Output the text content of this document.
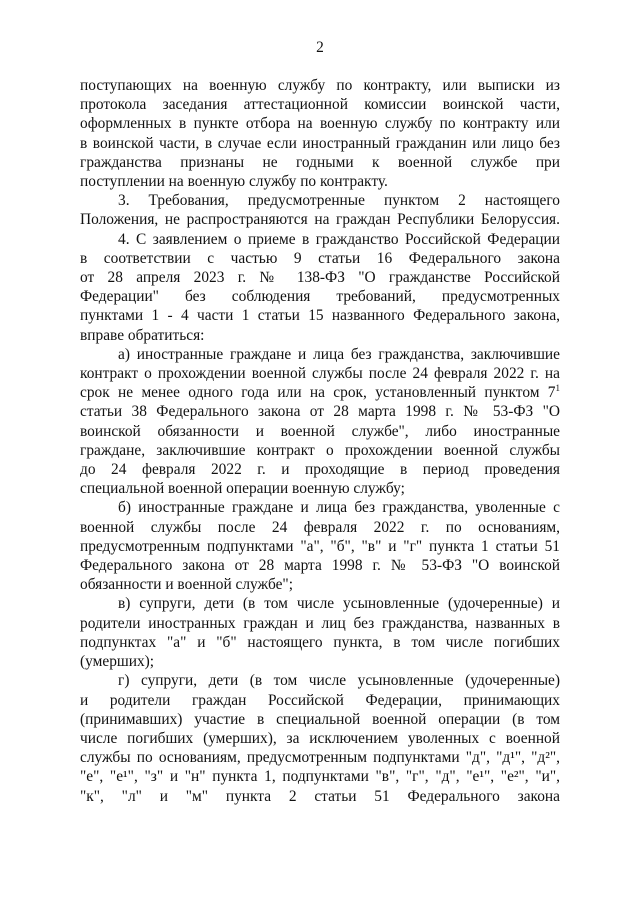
2
поступающих на военную службу по контракту, или выписки из
протокола заседания аттестационной комиссии воинской части,
оформленных в пункте отбора на военную службу по контракту или
в воинской части, в случае если иностранный гражданин или лицо без
гражданства признаны не годными к военной службе при
поступлении на военную службу по контракту.
3. Требования, предусмотренные пунктом 2 настоящего
Положения, не распространяются на граждан Республики Белоруссия.
4. С заявлением о приеме в гражданство Российской Федерации
в соответствии с частью 9 статьи 16 Федерального закона
от 28 апреля 2023 г. № 138-ФЗ "О гражданстве Российской
Федерации" без соблюдения требований, предусмотренных
пунктами 1 - 4 части 1 статьи 15 названного Федерального закона,
вправе обратиться:
а) иностранные граждане и лица без гражданства, заключившие
контракт о прохождении военной службы после 24 февраля 2022 г. на
срок не менее одного года или на срок, установленный пунктом $7^1$
статьи 38 Федерального закона от 28 марта 1998 г. № 53-ФЗ "О
воинской обязанности и военной службе", либо иностранные
граждане, заключившие контракт о прохождении военной службы
до 24 февраля 2022 г. и проходящие в период проведения
специальной военной операции военную службу;
б) иностранные граждане и лица без гражданства, уволенные с
военной службы после 24 февраля 2022 г. по основаниям,
предусмотренным подпунктами "а", "б", "в" и "г" пункта 1 статьи 51
Федерального закона от 28 марта 1998 г. № 53-ФЗ "О воинской
обязанности и военной службе";
в) супруги, дети (в том числе усыновленные (удочеренные) и
родители иностранных граждан и лиц без гражданства, названных в
подпунктах "а" и "б" настоящего пункта, в том числе погибших
(умерших);
г) супруги, дети (в том числе усыновленные (удочеренные)
и родители граждан Российской Федерации, принимающих
(принимавших) участие в специальной военной операции (в том
числе погибших (умерших), за исключением уволенных с военной
службы по основаниям, предусмотренным подпунктами "д", "д¹", "д²",
"е", "е¹", "з" и "н" пункта 1, подпунктами "в", "г", "д", "е¹", "е²", "и",
"к", "л" и "м" пункта 2 статьи 51 Федерального закона
